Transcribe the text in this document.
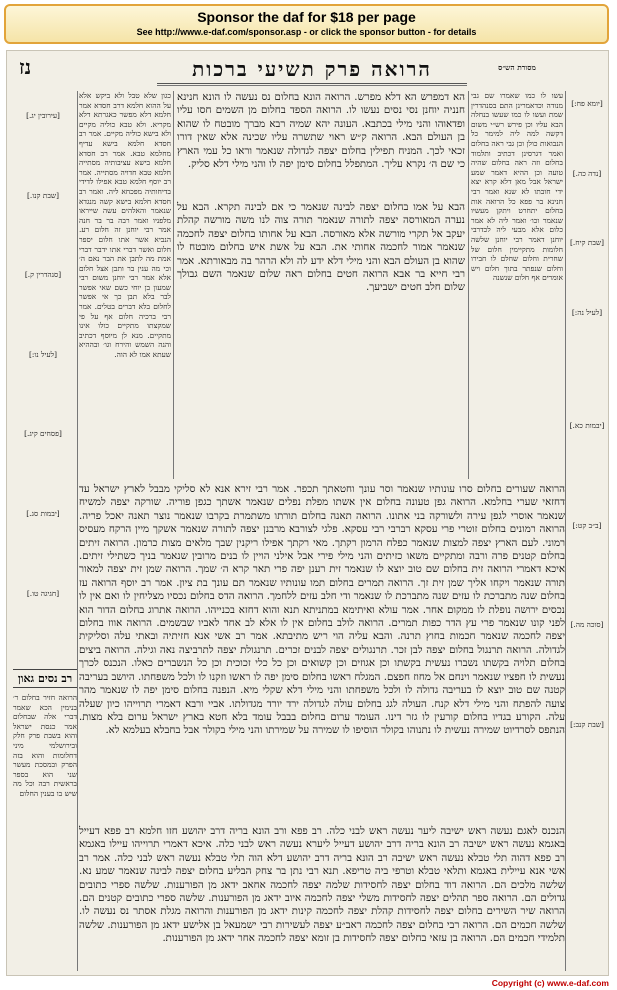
Sponsor the daf for $18 per page
See http://www.e-daf.com/sponsor.asp - or click the sponsor button - for details
הרואה פרק תשיעי ברכות
נז
[יומא פח:]
[נדה כה.]
[שבת קיח.]
[לעיל נה:]
[יבמות כא.]
[ב״ב קט:]
[סוכה מה.]
[שבת קנב:]
מסורת הש״ס
עשו לו כמו שאמרו שם גבי מנודה וכדאמרינן התם בסנהדרין שמת ועשו לו כמו שעשו בנחלה הבא עליו וכן פירש רש״י משום דקשה למה ליה למימר כל הנבואות כולן וכן גבי ראה בחלום ואמר דגרסינן דכתיב ותלמוד בחלום וזה ראה בחלום שהיה טועה וכן ההיא דאמר שמע ישראל אבל מאן דלא קרא יצא ידי חובתו לא שנא ואמר רבי חנינא בר פפא כל הרואה אות בחלום יתחרט ויתקן מעשיו שנאמר וכו׳ ואמר ליה לא אמר כלום אלא מבעי ליה לכדרבי יוחנן דאמר רבי יוחנן שלשה חלומות מתקיימין חלום של שחרית וחלום שחלם לו חבירו וחלום שנפתר בתוך חלום ויש אומרים אף חלום שנשנה
כגון שלא טבל ולא ביקש אלא על ההוא חלמא דרב חסדא אמר חלמא דלא מפשר כאגרתא דלא מקריא. ולא טבא כוליה מקיים ולא בישא כוליה מקיים. אמר רב חסדא חלמא בישא עדיף מחלמא טבא. אמר רב חסדא חלמא בישא עציבותיה מסתייה חלמא טבא חדויה מסתייה. אמר רב יוסף חלמא טבא אפילו לדידי בדיחותיה מפכחא ליה. ואמר רב חסדא חלמא בישא קשה מנגדא שנאמר והאלהים עשה שייראו מלפניו ואמר רבה בר בר חנה אמר רבי יוחנן זה חלום רע. הנביא אשר אתו חלום יספר חלום ואשר דברי אתו ידבר דברי אמת מה לתבן את הבר נאם ה׳ וכי מה ענין בר ותבן אצל חלום אלא אמר רבי יוחנן משום רבי שמעון בן יוחי כשם שאי אפשר לבר בלא תבן כך אי אפשר לחלום בלא דברים בטלים. אמר רבי ברכיה חלום אף על פי שמקצתו מתקיים כולו אינו מתקיים. מנא לן מיוסף דכתיב והנה השמש והירח וגו׳ ובההיא שעתא אמו לא הוה.
הא דמפרש הא דלא מפרש. הרואה הונא בחלום נס נעשה לו הונא חנינא חנניה יוחנן נסי נסים נעשו לו. הרואה הספד בחלום מן השמים חסו עליו ופדאוהו והני מילי בכתבא. העונה יהא שמיה רבא מברך מובטח לו שהוא בן העולם הבא. הרואה ק״ש ראוי שתשרה עליו שכינה אלא שאין דורו זכאי לכך. המניח תפילין בחלום יצפה לגדולה שנאמר וראו כל עמי הארץ כי שם ה׳ נקרא עליך. המתפלל בחלום סימן יפה לו והני מילי דלא סליק.
הבא על אמו בחלום יצפה לבינה שנאמר כי אם לבינה תקרא. הבא על נערה המאורסה יצפה לתורה שנאמר תורה צוה לנו משה מורשה קהלת יעקב אל תקרי מורשה אלא מאורסה. הבא על אחותו בחלום יצפה לחכמה שנאמר אמור לחכמה אחותי את. הבא על אשת איש בחלום מובטח לו שהוא בן העולם הבא והני מילי דלא ידע לה ולא הרהר בה מבאורתא. אמר רבי חייא בר אבא הרואה חטים בחלום ראה שלום שנאמר השם גבולך שלום חלב חטים ישביעך.
הרואה שעורים בחלום סרו עונותיו שנאמר וסר עונך וחטאתך תכפר. אמר רבי זירא אנא לא סליקי מבבל לארץ ישראל עד דחזאי שערי בחלמא. הרואה גפן טעונה בחלום אין אשתו מפלת נפלים שנאמר אשתך כגפן פוריה. שורקה יצפה למשיח שנאמר אוסרי לגפן עירה ולשורקה בני אתונו. הרואה תאנה בחלום תורתו משתמרת בקרבו שנאמר נוצר תאנה יאכל פריה. הרואה רמונים בחלום זוטרי פרי עסקא רברבי רבי עסקא. פלגי לצורבא מרבנן יצפה לתורה שנאמר אשקך מיין הרקח מעסיס רמוני. לעם הארץ יצפה למצות שנאמר כפלח הרמון רקתך. מאי רקתך אפילו ריקנין שבך מלאים מצות כרמון. הרואה זיתים בחלום קטנים פרה ורבה ומתקיים משאו כזיתים והני מילי פירי אבל אילני הויין לו בנים מרובין שנאמר בניך כשתילי זיתים. איכא דאמרי הרואה זית בחלום שם טוב יוצא לו שנאמר זית רענן יפה פרי תאר קרא ה׳ שמך. הרואה שמן זית יצפה למאור תורה שנאמר ויקחו אליך שמן זית זך. הרואה תמרים בחלום תמו עונותיו שנאמר תם עונך בת ציון. אמר רב יוסף הרואה עז בחלום שנה מתברכת לו עזים שנה מתברכת לו שנאמר ודי חלב עזים ללחמך. הרואה הדס בחלום נכסיו מצליחין לו ואם אין לו נכסים ירושה נופלת לו ממקום אחר. אמר עולא ואיתימא במתניתא תנא והוא דחזא בכנייהו. הרואה אתרוג בחלום הדור הוא לפני קונו שנאמר פרי עץ הדר כפות תמרים. הרואה לולב בחלום אין לו אלא לב אחד לאביו שבשמים. הרואה אווז בחלום יצפה לחכמה שנאמר חכמות בחוץ תרנה. והבא עליה הוי ריש מתיבתא. אמר רב אשי אנא חזיתיה ובאתי עלה וסליקית לגדולה. הרואה תרנגול בחלום יצפה לבן זכר. תרנגולים יצפה לבנים זכרים. תרנגולת יצפה לתרביצה נאה וגילה. הרואה ביצים בחלום תלויה בקשתו נשברו נעשית בקשתו וכן אגוזים וכן קשואים וכן כל כלי זכוכית וכן כל הנשברים כאלו. הנכנס לכרך נעשית לו חפציו שנאמר וינחם אל מחוז חפצם. המגלח ראשו בחלום סימן יפה לו ראשו וזקנו לו ולכל משפחתו. היושב בעריבה קטנה שם טוב יוצא לו בעריבה גדולה לו ולכל משפחתו והני מילי דלא שקלי מיא. הנפנה בחלום סימן יפה לו שנאמר מהר צועה להפתח והני מילי דלא קנח. העולה לגג בחלום עולה לגדולה ירד יורד מגדולתו. אביי ורבא דאמרי תרוייהו כיון שעלה עלה. הקורע בגדיו בחלום קורעין לו גזר דינו. העומד ערום בחלום בבבל עומד בלא חטא בארץ ישראל ערום בלא מצות. הנתפס לסרדיוט שמירה נעשית לו נתנוהו בקולר הוסיפו לו שמירה על שמירתו והני מילי בקולר אבל בחבלא בעלמא לא.
הנכנס לאגם נעשה ראש ישיבה ליער נעשה ראש לבני כלה. רב פפא ורב הונא בריה דרב יהושע חזו חלמא רב פפא דעייל באגמא נעשה ראש ישיבה רב הונא בריה דרב יהושע דעייל ליערא נעשה ראש לבני כלה. איכא דאמרי תרוייהו עיילו באגמא רב פפא דהוה תלי טבלא נעשה ראש ישיבה רב הונא בריה דרב יהושע דלא הוה תלי טבלא נעשה ראש לבני כלה. אמר רב אשי אנא עיילית באגמא ותלאי טבלא וטרפי ביה טריפא. תנא רבי נתן בר צחק הבליע בחלום יצפה לבינה שנאמר שמע נא. שלשה מלכים הם. הרואה דוד בחלום יצפה לחסידות שלמה יצפה לחכמה אחאב ידאג מן הפורענות. שלשה ספרי כתובים גדולים הם. הרואה ספר תהלים יצפה לחסידות משלי יצפה לחכמה איוב ידאג מן הפורענות. שלשה ספרי כתובים קטנים הם. הרואה שיר השירים בחלום יצפה לחסידות קהלת יצפה לחכמה קינות ידאג מן הפורענות והרואה מגלת אסתר נס נעשה לו. שלשה חכמים הם. הרואה רבי בחלום יצפה לחכמה ראב״ע יצפה לעשירות רבי ישמעאל בן אלישע ידאג מן הפורענות. שלשה תלמידי חכמים הם. הרואה בן עזאי בחלום יצפה לחסידות בן זומא יצפה לחכמה אחר ידאג מן הפורענות.
[עירובין יג.]
[שבת קנו.]
[סנהדרין ק.]
[לעיל נו:]
[פסחים קיג.]
[יבמות סג.]
[חגיגה טו.]
רב נסים גאון
הרואה חזיר בחלום ר׳ בנימין הכא שאמר דברי אלה שבחלום אמר כנסת ישראל והוא בשבת פרק חלק ובירושלמי מיני דחלומות והוא בזה הפרק ובמסכת מעשר שני הוא בספר בראשית רבה וכל מה שיש בו בענין החלום
Copyright (c) www.e-daf.com
